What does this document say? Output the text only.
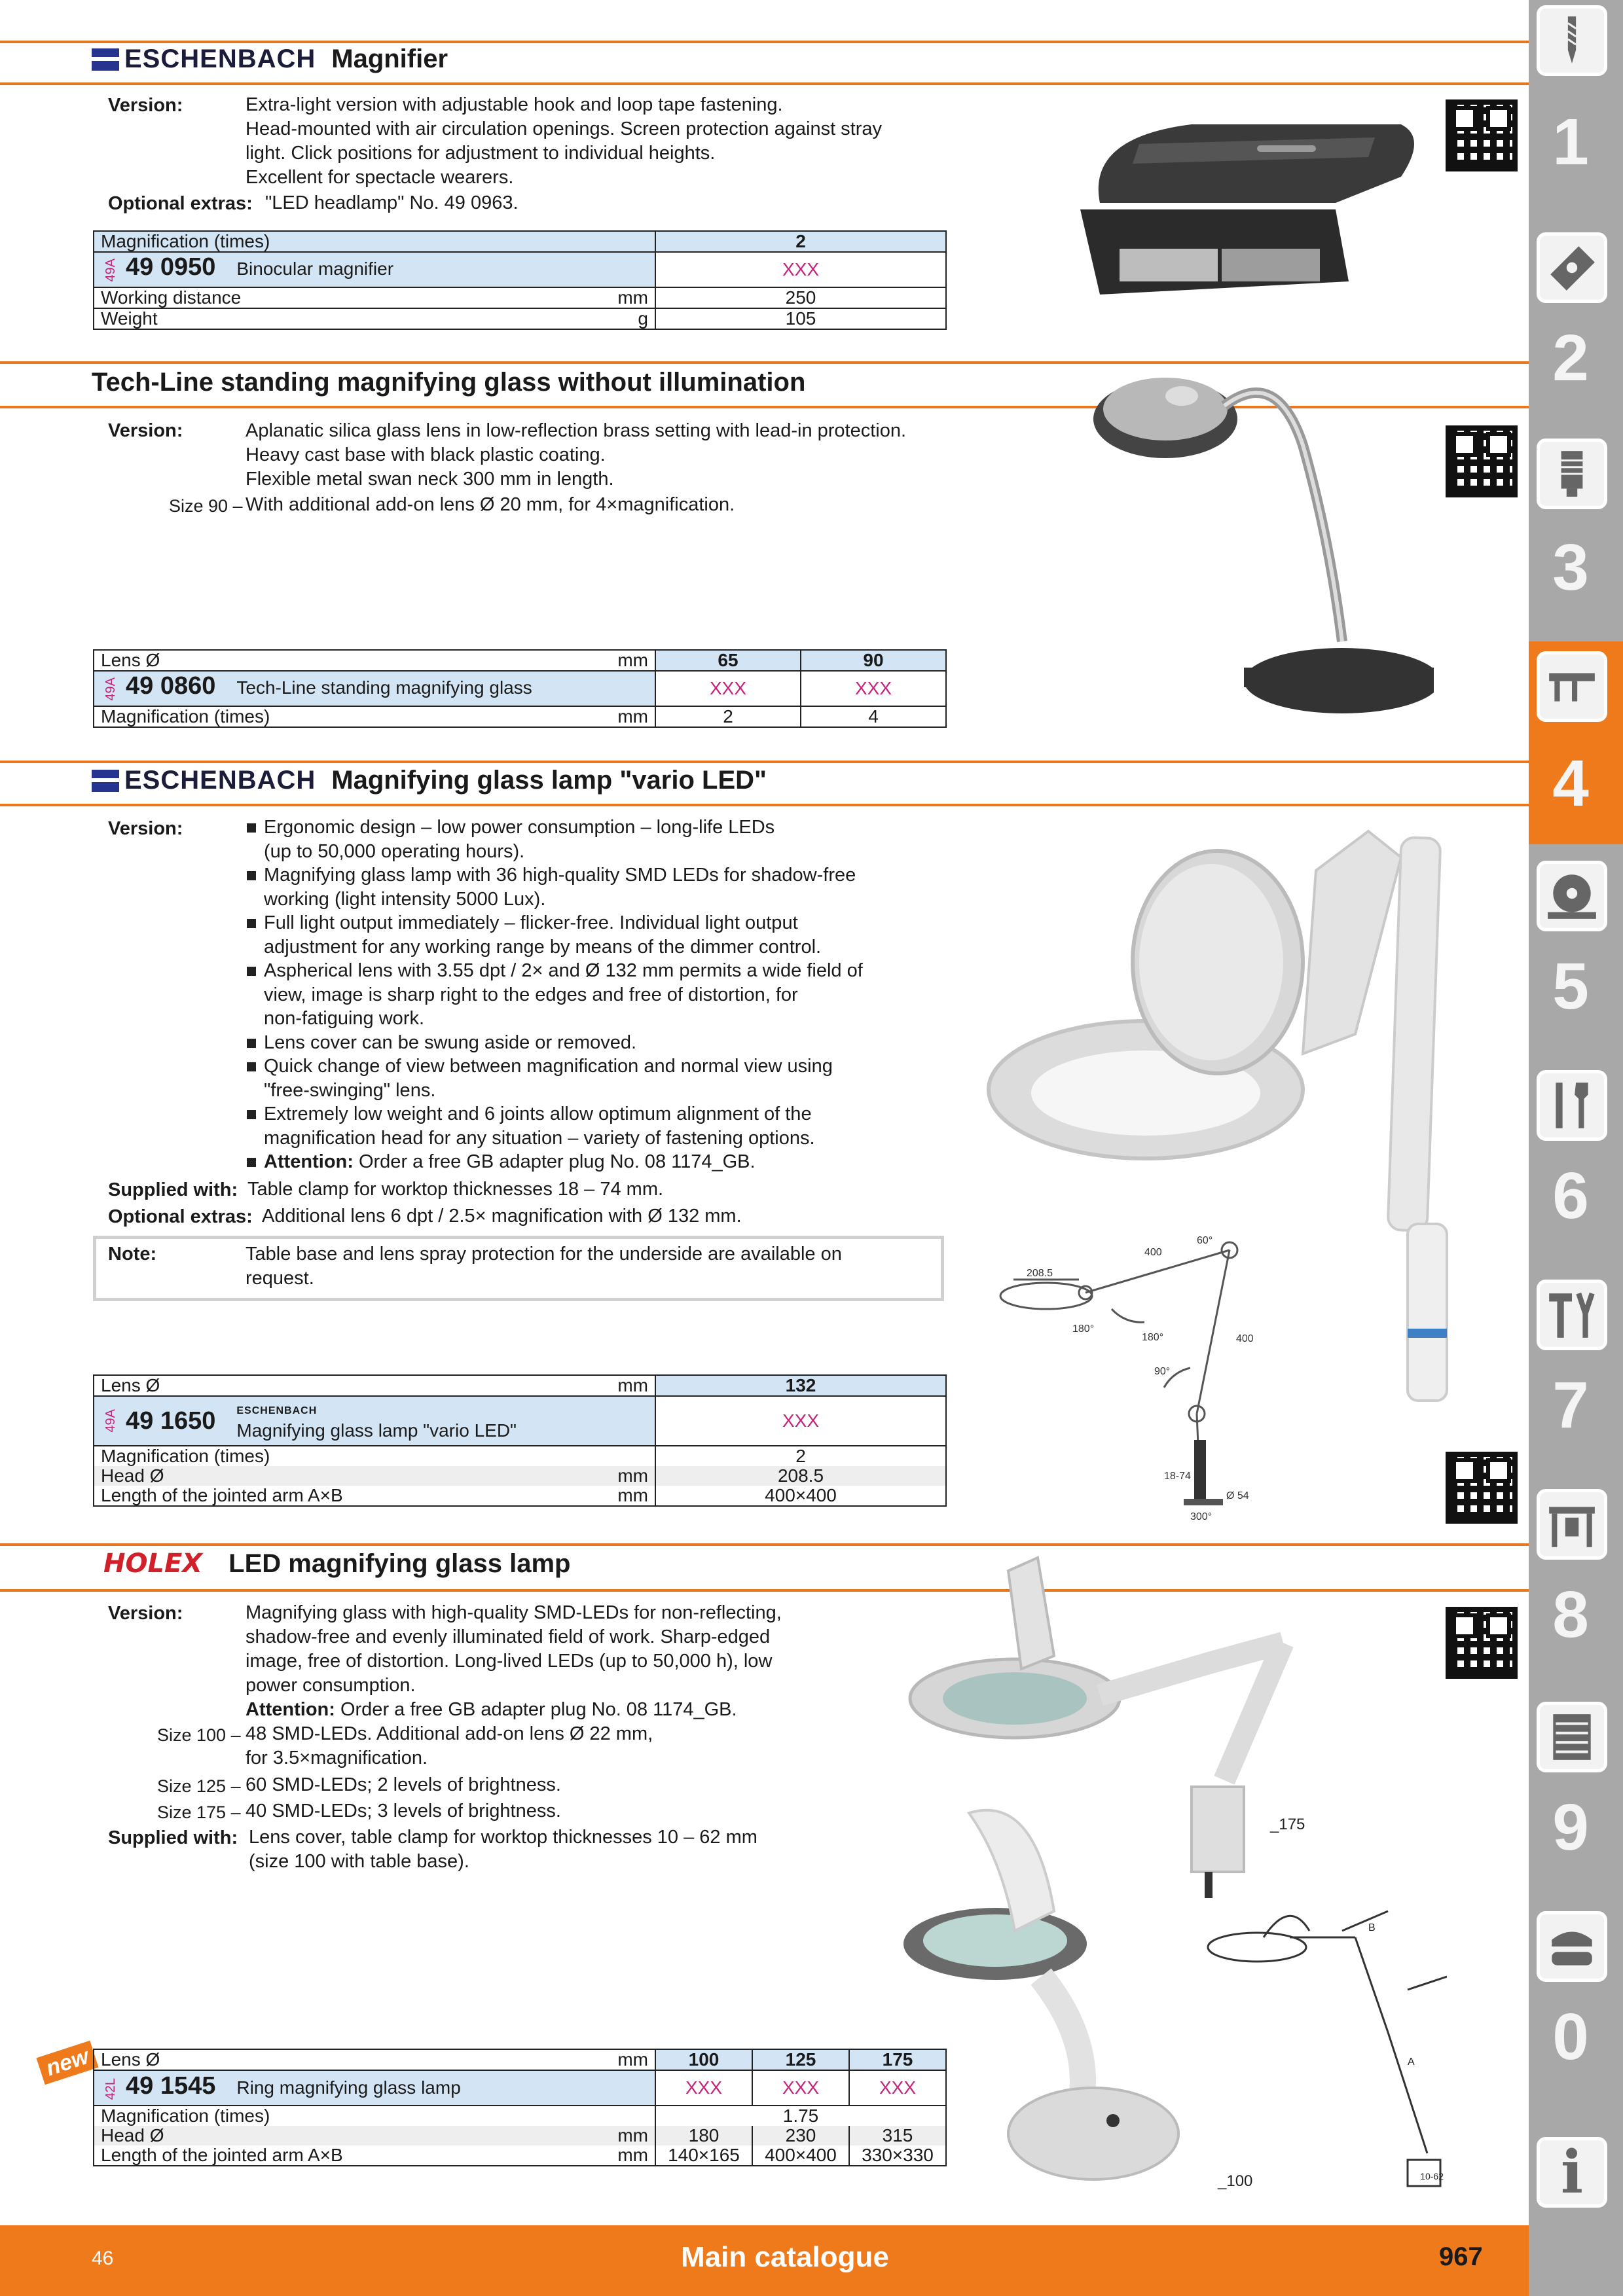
1
2
3
4
5
6
7
8
9
0
i
ESCHENBACH Magnifier
Version:	Extra-light version with adjustable hook and loop tape fastening.
Head-mounted with air circulation openings. Screen protection against stray
light. Click positions for adjustment to individual heights.
Excellent for spectacle wearers.
Optional extras: "LED headlamp" No. 49 0963.
Magnification (times)	2
49A 49 0950 Binocular magnifier	XXX
Working distance mm	250
Weight g	105
Tech-Line standing magnifying glass without illumination
Version:	Aplanatic silica glass lens in low-reflection brass setting with lead-in protection.
Heavy cast base with black plastic coating.
Flexible metal swan neck 300 mm in length.
Size 90 – With additional add-on lens Ø 20 mm, for 4×magnification.
Lens Ø mm	65	90
49A 49 0860 Tech-Line standing magnifying glass	XXX	XXX
Magnification (times) mm	2	4
ESCHENBACH Magnifying glass lamp "vario LED"
Version:	Ergonomic design – low power consumption – long-life LEDs
(up to 50,000 operating hours).
Magnifying glass lamp with 36 high-quality SMD LEDs for shadow-free
working (light intensity 5000 Lux).
Full light output immediately – flicker-free. Individual light output
adjustment for any working range by means of the dimmer control.
Aspherical lens with 3.55 dpt / 2× and Ø 132 mm permits a wide field of
view, image is sharp right to the edges and free of distortion, for
non-fatiguing work.
Lens cover can be swung aside or removed.
Quick change of view between magnification and normal view using
"free-swinging" lens.
Extremely low weight and 6 joints allow optimum alignment of the
magnification head for any situation – variety of fastening options.
Attention: Order a free GB adapter plug No. 08 1174_GB.
Supplied with: Table clamp for worktop thicknesses 18 – 74 mm.
Optional extras: Additional lens 6 dpt / 2.5× magnification with Ø 132 mm.
Note:	Table base and lens spray protection for the underside are available on
request.
Lens Ø mm	132
49A 49 1650 ESCHENBACH
Magnifying glass lamp "vario LED"	XXX
Magnification (times)	2
Head Ø mm	208.5
Length of the jointed arm A×B mm	400×400
208.5
400
400
180°
180°
90°
60°
18-74
Ø 54
300°
HOLEX LED magnifying glass lamp
Version:	Magnifying glass with high-quality SMD-LEDs for non-reflecting,
shadow-free and evenly illuminated field of work. Sharp-edged
image, free of distortion. Long-lived LEDs (up to 50,000 h), low
power consumption.
Attention: Order a free GB adapter plug No. 08 1174_GB.
Size 100 – 48 SMD-LEDs. Additional add-on lens Ø 22 mm,
for 3.5×magnification.
Size 125 – 60 SMD-LEDs; 2 levels of brightness.
Size 175 – 40 SMD-LEDs; 3 levels of brightness.
Supplied with: Lens cover, table clamp for worktop thicknesses 10 – 62 mm
(size 100 with table base).
new Lens Ø mm	100	125	175
42L 49 1545 Ring magnifying glass lamp	XXX	XXX	XXX
Magnification (times)	1.75		
Head Ø mm	180	230	315
Length of the jointed arm A×B mm	140×165	400×400	330×330
_175
_100	10-62
A
B
46	Main catalogue	967
